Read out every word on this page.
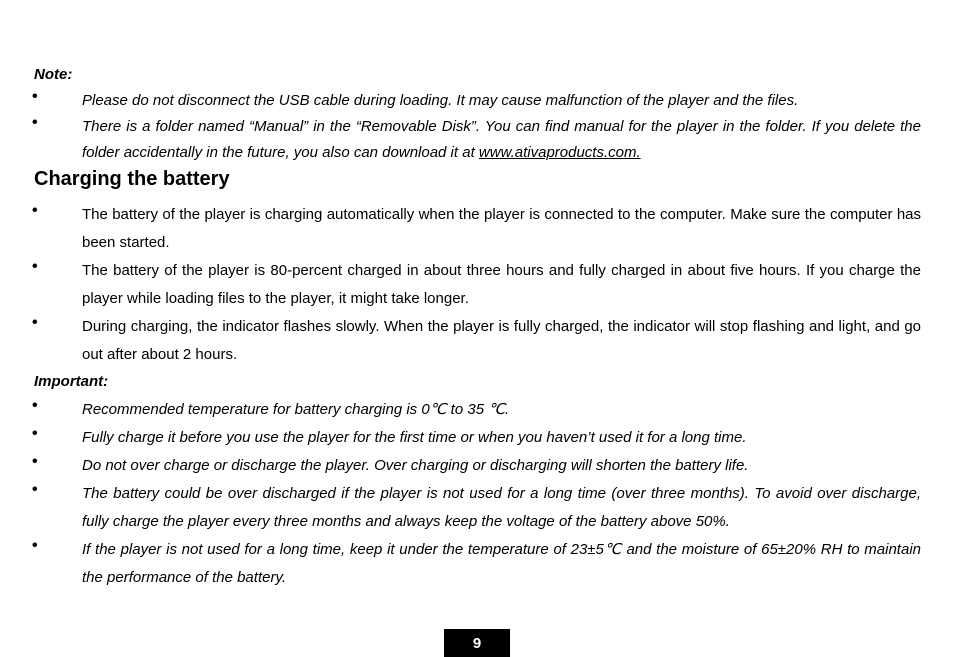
Note:
•	Please do not disconnect the USB cable during loading. It may cause malfunction of the player and the files.
•	There is a folder named “Manual” in the “Removable Disk”. You can find manual for the player in the folder. If you delete the folder accidentally in the future, you also can download it at www.ativaproducts.com.
Charging the battery
•	The battery of the player is charging automatically when the player is connected to the computer. Make sure the computer has been started.
•	The battery of the player is 80-percent charged in about three hours and fully charged in about five hours. If you charge the player while loading files to the player, it might take longer.
•	During charging, the indicator flashes slowly. When the player is fully charged, the indicator will stop flashing and light, and go out after about 2 hours.
Important:
•	Recommended temperature for battery charging is 0℃ to 35 ℃.
•	Fully charge it before you use the player for the first time or when you haven’t used it for a long time.
•	Do not over charge or discharge the player. Over charging or discharging will shorten the battery life.
•	The battery could be over discharged if the player is not used for a long time (over three months). To avoid over discharge, fully charge the player every three months and always keep the voltage of the battery above 50%.
•	If the player is not used for a long time, keep it under the temperature of 23±5℃ and the moisture of 65±20% RH to maintain the performance of the battery.
9
